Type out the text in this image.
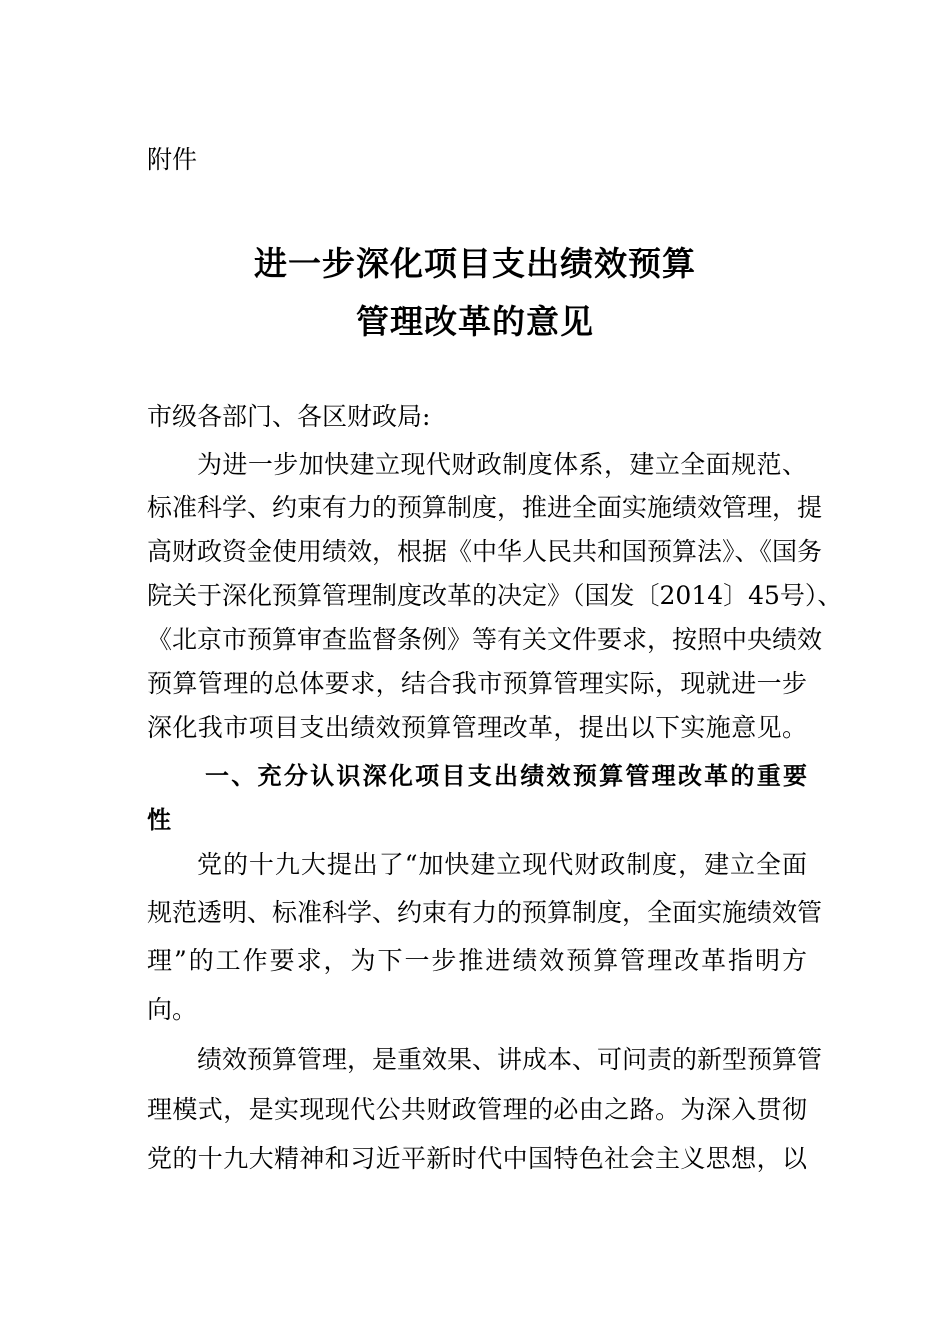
附件
进一步深化项目支出绩效预算
管理改革的意见
市级各部门、各区财政局:
为进一步加快建立现代财政制度体系，建立全面规范、
标准科学、约束有力的预算制度，推进全面实施绩效管理，提
高财政资金使用绩效，根据《中华人民共和国预算法》、《国务
院关于深化预算管理制度改革的决定》（国发〔2014〕45号）、
《北京市预算审查监督条例》等有关文件要求，按照中央绩效
预算管理的总体要求，结合我市预算管理实际，现就进一步
深化我市项目支出绩效预算管理改革，提出以下实施意见。
一、充分认识深化项目支出绩效预算管理改革的重要
性
党的十九大提出了“加快建立现代财政制度，建立全面
规范透明、标准科学、约束有力的预算制度，全面实施绩效管
理”的工作要求，为下一步推进绩效预算管理改革指明方
向。
绩效预算管理，是重效果、讲成本、可问责的新型预算管
理模式，是实现现代公共财政管理的必由之路。为深入贯彻
党的十九大精神和习近平新时代中国特色社会主义思想，以
